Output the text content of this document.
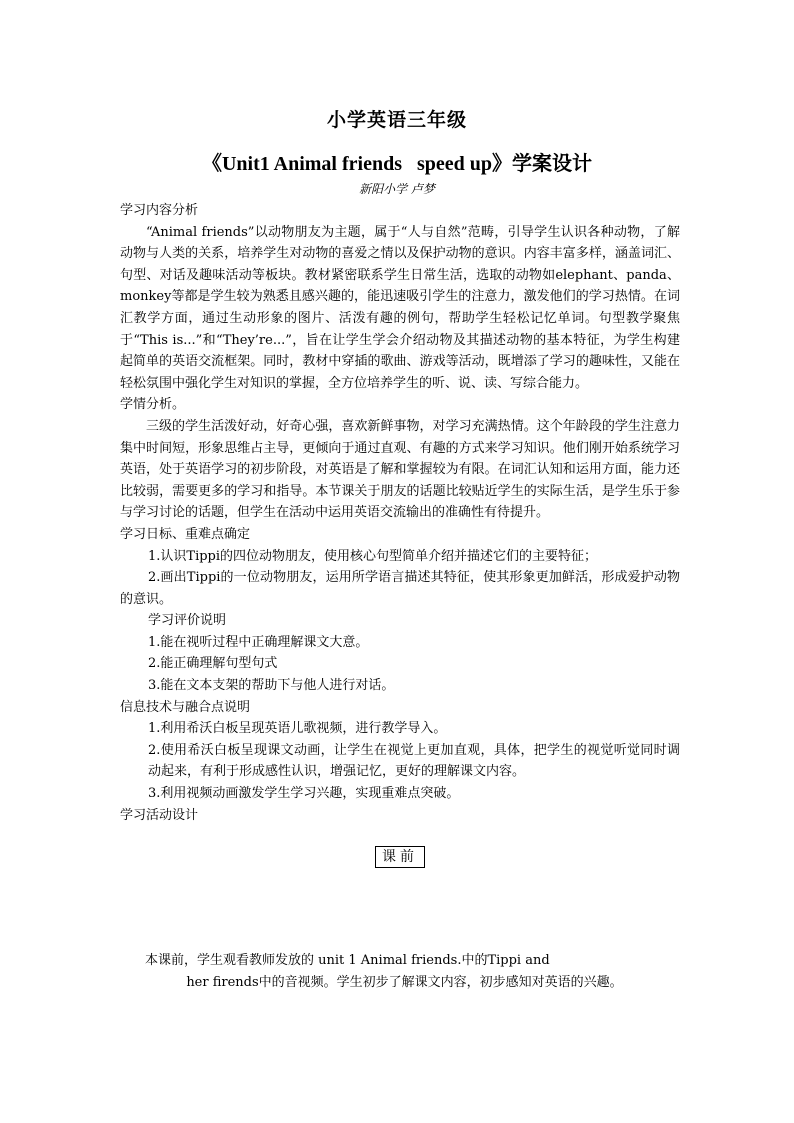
小学英语三年级
《Unit1 Animal friends   speed up》学案设计
新阳小学 卢梦

学习内容分析

“Animal friends”以动物朋友为主题，属于“人与自然”范畴，引导学生认识各种动物，了解动物与人类的关系，培养学生对动物的喜爱之情以及保护动物的意识。内容丰富多样，涵盖词汇、句型、对话及趣味活动等板块。教材紧密联系学生日常生活，选取的动物如elephant、panda、monkey等都是学生较为熟悉且感兴趣的，能迅速吸引学生的注意力，激发他们的学习热情。在词汇教学方面，通过生动形象的图片、活泼有趣的例句，帮助学生轻松记忆单词。句型教学聚焦于“This is...”和“They’re...”，旨在让学生学会介绍动物及其描述动物的基本特征，为学生构建起简单的英语交流框架。同时，教材中穿插的歌曲、游戏等活动，既增添了学习的趣味性，又能在轻松氛围中强化学生对知识的掌握，全方位培养学生的听、说、读、写综合能力。

学情分析。

三级的学生活泼好动，好奇心强，喜欢新鲜事物，对学习充满热情。这个年龄段的学生注意力集中时间短，形象思维占主导，更倾向于通过直观、有趣的方式来学习知识。他们刚开始系统学习英语，处于英语学习的初步阶段，对英语是了解和掌握较为有限。在词汇认知和运用方面，能力还比较弱，需要更多的学习和指导。本节课关于朋友的话题比较贴近学生的实际生活，是学生乐于参与学习讨论的话题，但学生在活动中运用英语交流输出的准确性有待提升。

学习日标、重难点确定

1.认识Tippi的四位动物朋友，使用核心句型简单介绍并描述它们的主要特征；

2.画出Tippi的一位动物朋友，运用所学语言描述其特征，使其形象更加鲜活，形成爱护动物的意识。

学习评价说明

1.能在视听过程中正确理解课文大意。

2.能正确理解句型句式

3.能在文本支架的帮助下与他人进行对话。

信息技术与融合点说明

1.利用希沃白板呈现英语儿歌视频，进行教学导入。

2.使用希沃白板呈现课文动画，让学生在视觉上更加直观，具体，把学生的视觉听觉同时调动起来，有利于形成感性认识，增强记忆，更好的理解课文内容。

3.利用视频动画激发学生学习兴趣，实现重难点突破。

学习活动设计

课前

本课前，学生观看教师发放的 unit 1 Animal friends.中的Tippi and

her firends中的音视频。学生初步了解课文内容，初步感知对英语的兴趣。
